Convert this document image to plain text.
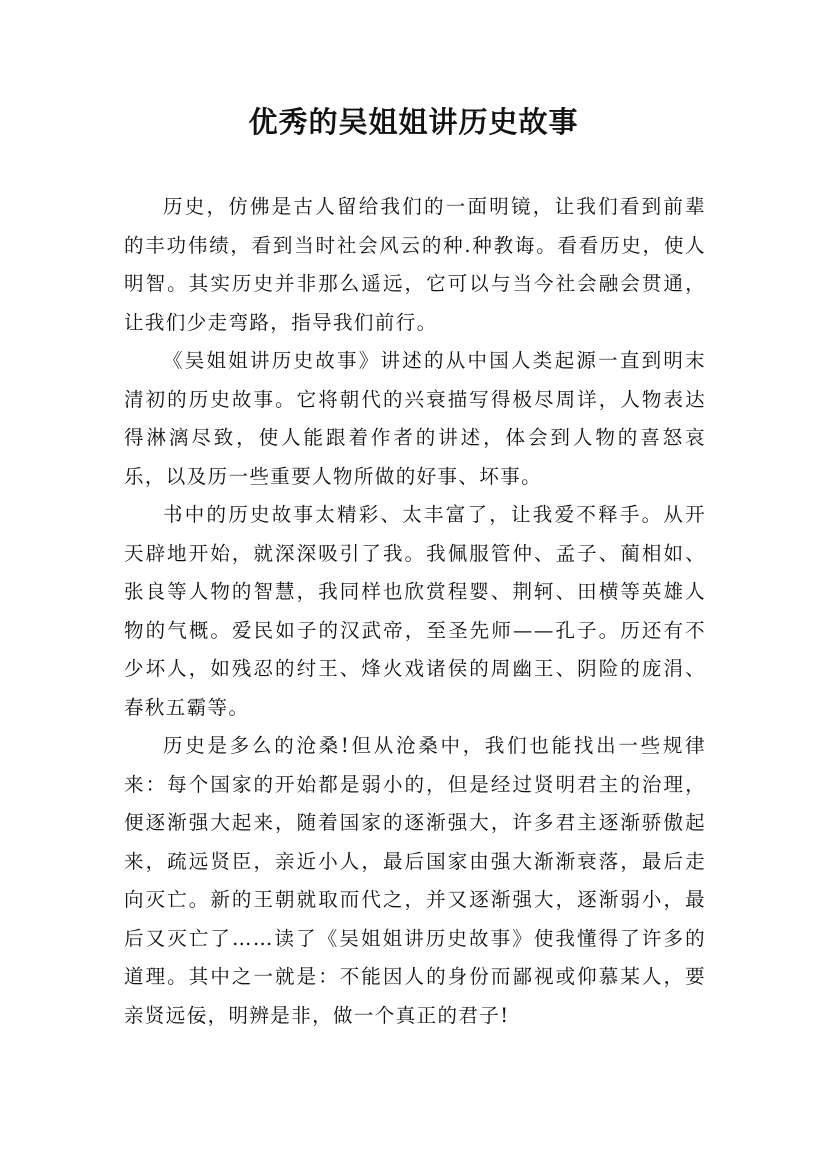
优秀的吴姐姐讲历史故事

历史，仿佛是古人留给我们的一面明镜，让我们看到前辈的丰功伟绩，看到当时社会风云的种.种教诲。看看历史，使人明智。其实历史并非那么遥远，它可以与当今社会融会贯通，让我们少走弯路，指导我们前行。

《吴姐姐讲历史故事》讲述的从中国人类起源一直到明末清初的历史故事。它将朝代的兴衰描写得极尽周详，人物表达得淋漓尽致，使人能跟着作者的讲述，体会到人物的喜怒哀乐，以及历一些重要人物所做的好事、坏事。

书中的历史故事太精彩、太丰富了，让我爱不释手。从开天辟地开始，就深深吸引了我。我佩服管仲、孟子、蔺相如、张良等人物的智慧，我同样也欣赏程婴、荆轲、田横等英雄人物的气概。爱民如子的汉武帝，至圣先师——孔子。历还有不少坏人，如残忍的纣王、烽火戏诸侯的周幽王、阴险的庞涓、春秋五霸等。

历史是多么的沧桑!但从沧桑中，我们也能找出一些规律来：每个国家的开始都是弱小的，但是经过贤明君主的治理，便逐渐强大起来，随着国家的逐渐强大，许多君主逐渐骄傲起来，疏远贤臣，亲近小人，最后国家由强大渐渐衰落，最后走向灭亡。新的王朝就取而代之，并又逐渐强大，逐渐弱小，最后又灭亡了……读了《吴姐姐讲历史故事》使我懂得了许多的道理。其中之一就是：不能因人的身份而鄙视或仰慕某人，要亲贤远佞，明辨是非，做一个真正的君子!
